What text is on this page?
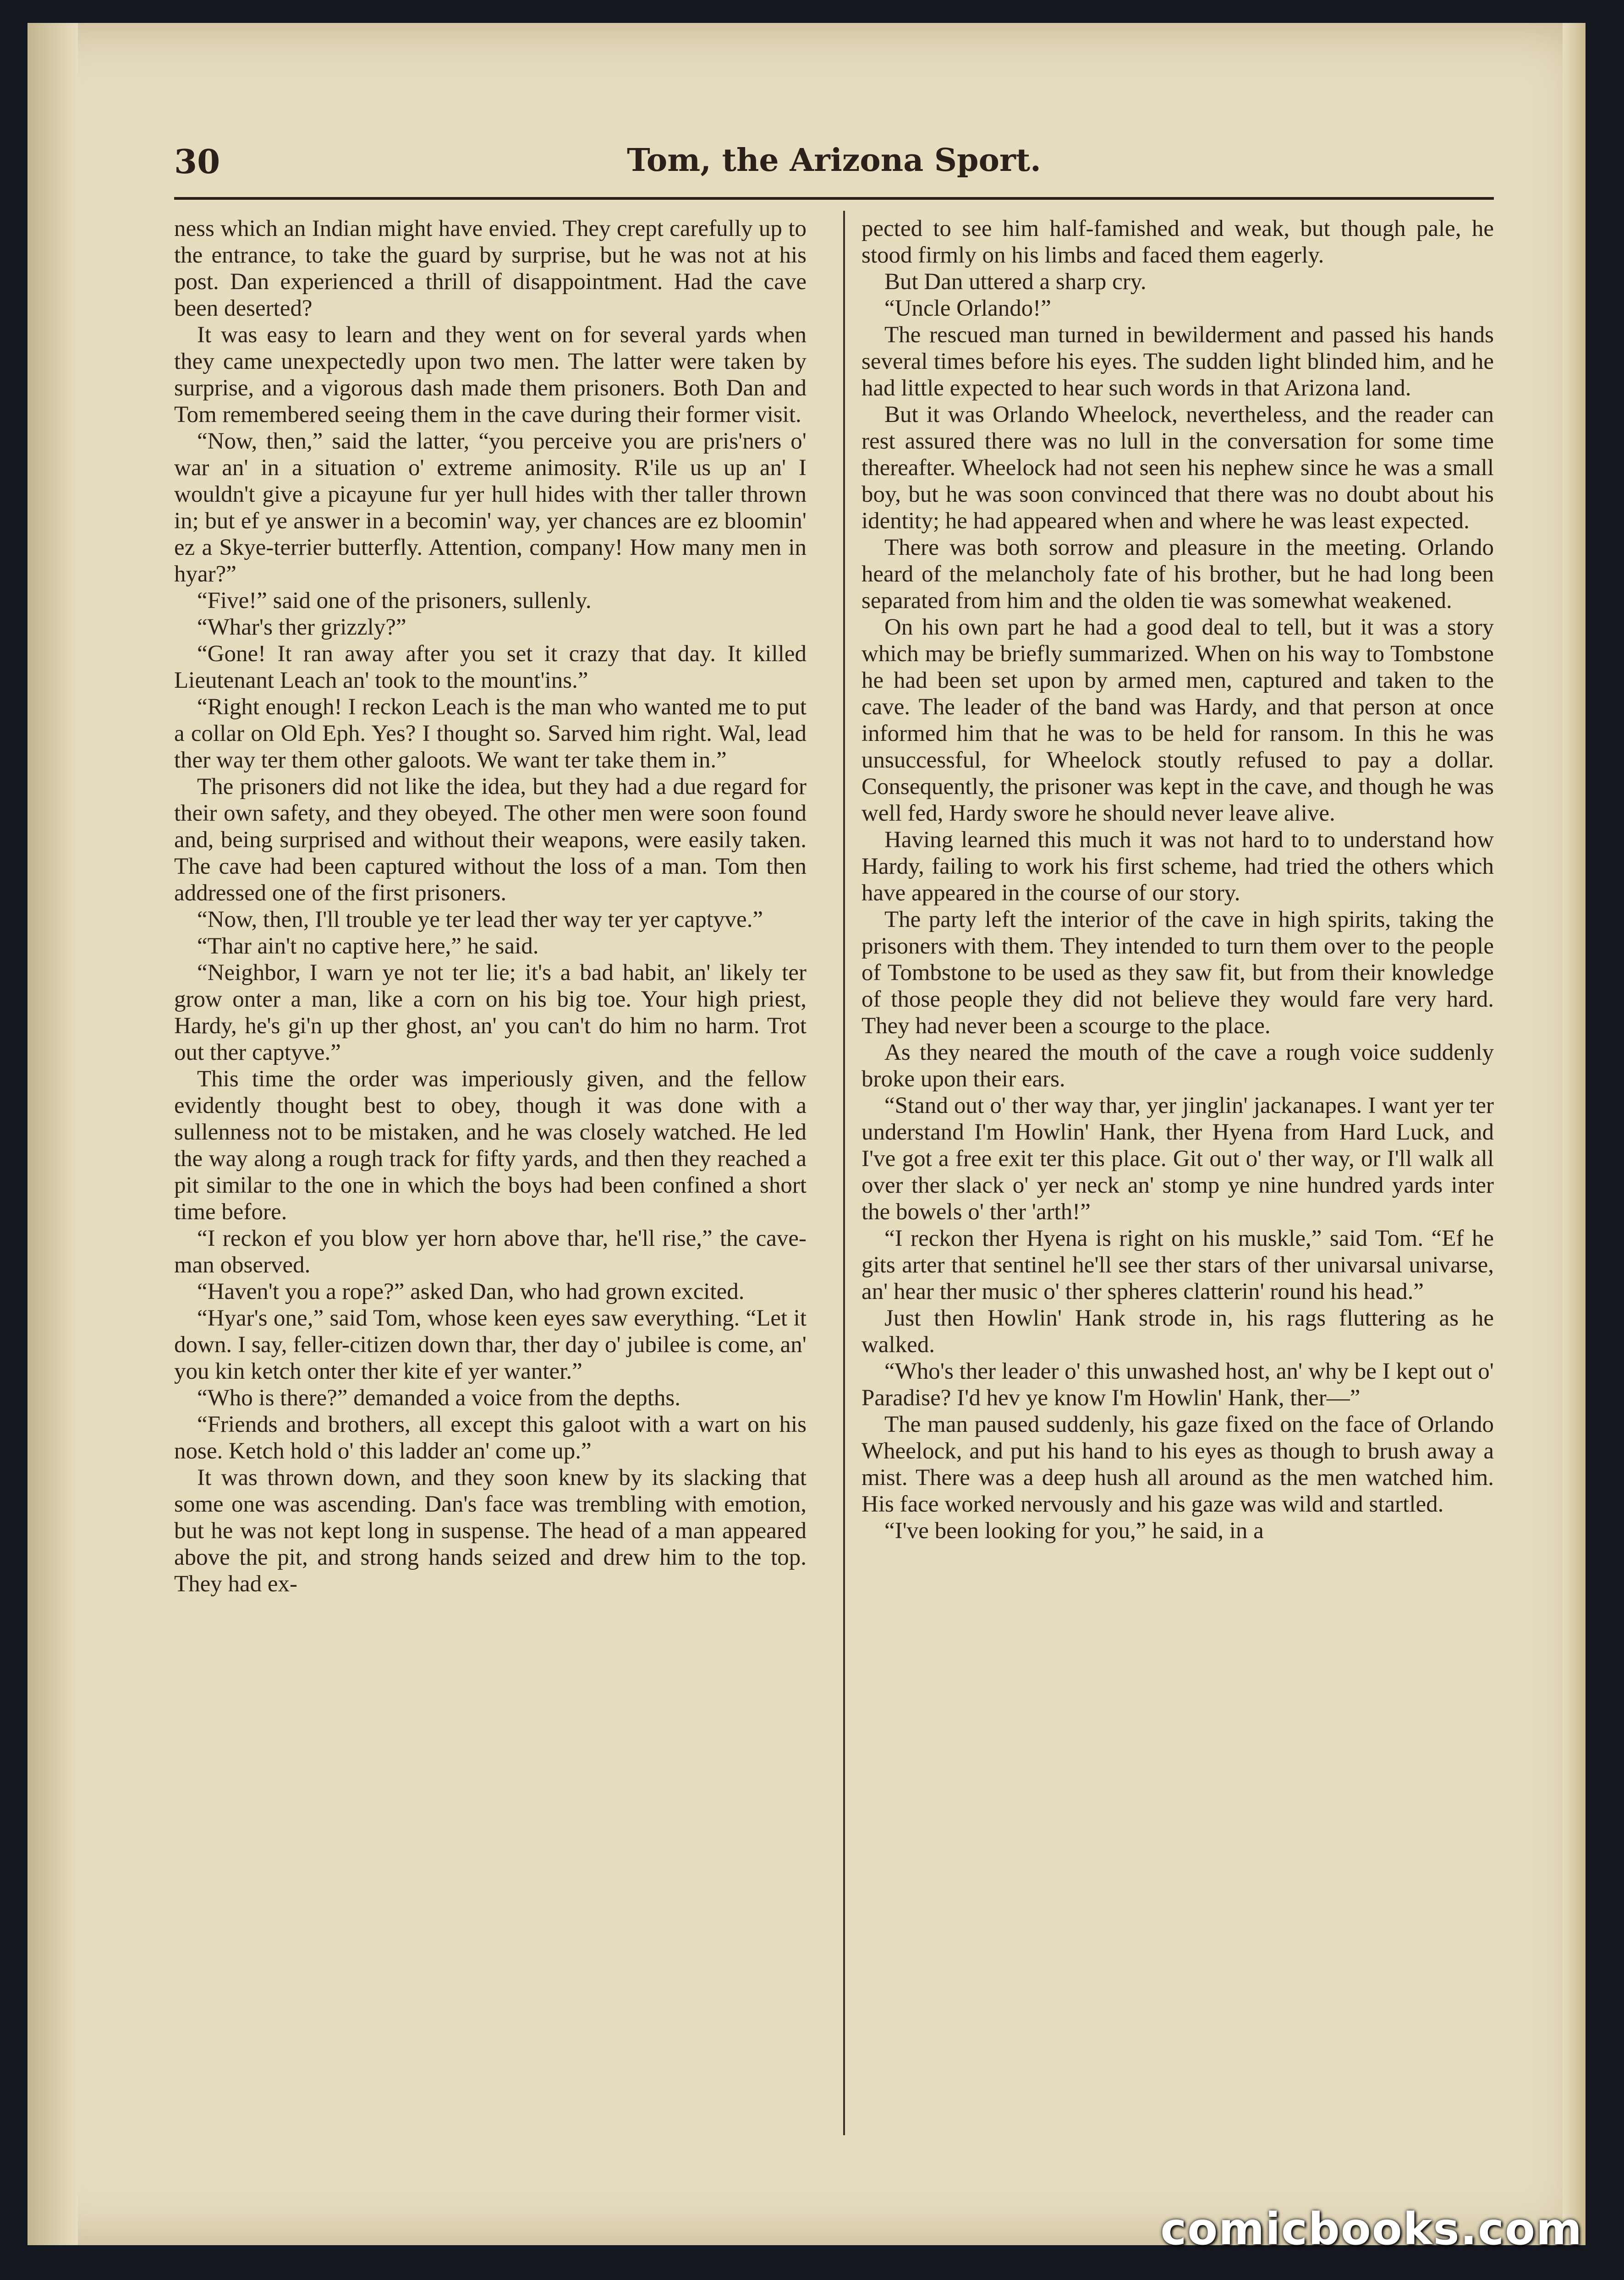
30	Tom, the Arizona Sport.

ness which an Indian might have envied. They crept carefully up to the entrance, to take the guard by surprise, but he was not at his post. Dan experienced a thrill of disappointment. Had the cave been deserted?

It was easy to learn and they went on for several yards when they came unexpectedly upon two men. The latter were taken by surprise, and a vigorous dash made them prisoners. Both Dan and Tom remembered seeing them in the cave during their former visit.

“Now, then,” said the latter, “you perceive you are pris'ners o' war an' in a situation o' extreme animosity. R'ile us up an' I wouldn't give a picayune fur yer hull hides with ther taller thrown in; but ef ye answer in a becomin' way, yer chances are ez bloomin' ez a Skye-terrier butterfly. Attention, company! How many men in hyar?”

“Five!” said one of the prisoners, sullenly.

“Whar's ther grizzly?”

“Gone! It ran away after you set it crazy that day. It killed Lieutenant Leach an' took to the mount'ins.”

“Right enough! I reckon Leach is the man who wanted me to put a collar on Old Eph. Yes? I thought so. Sarved him right. Wal, lead ther way ter them other galoots. We want ter take them in.”

The prisoners did not like the idea, but they had a due regard for their own safety, and they obeyed. The other men were soon found and, being surprised and without their weapons, were easily taken. The cave had been captured without the loss of a man. Tom then addressed one of the first prisoners.

“Now, then, I'll trouble ye ter lead ther way ter yer captyve.”

“Thar ain't no captive here,” he said.

“Neighbor, I warn ye not ter lie; it's a bad habit, an' likely ter grow onter a man, like a corn on his big toe. Your high priest, Hardy, he's gi'n up ther ghost, an' you can't do him no harm. Trot out ther captyve.”

This time the order was imperiously given, and the fellow evidently thought best to obey, though it was done with a sullenness not to be mistaken, and he was closely watched. He led the way along a rough track for fifty yards, and then they reached a pit similar to the one in which the boys had been confined a short time before.

“I reckon ef you blow yer horn above thar, he'll rise,” the cave-man observed.

“Haven't you a rope?” asked Dan, who had grown excited.

“Hyar's one,” said Tom, whose keen eyes saw everything. “Let it down. I say, feller-citizen down thar, ther day o' jubilee is come, an' you kin ketch onter ther kite ef yer wanter.”

“Who is there?” demanded a voice from the depths.

“Friends and brothers, all except this galoot with a wart on his nose. Ketch hold o' this ladder an' come up.”

It was thrown down, and they soon knew by its slacking that some one was ascending. Dan's face was trembling with emotion, but he was not kept long in suspense. The head of a man appeared above the pit, and strong hands seized and drew him to the top. They had ex-

pected to see him half-famished and weak, but though pale, he stood firmly on his limbs and faced them eagerly.

But Dan uttered a sharp cry.

“Uncle Orlando!”

The rescued man turned in bewilderment and passed his hands several times before his eyes. The sudden light blinded him, and he had little expected to hear such words in that Arizona land.

But it was Orlando Wheelock, nevertheless, and the reader can rest assured there was no lull in the conversation for some time thereafter. Wheelock had not seen his nephew since he was a small boy, but he was soon convinced that there was no doubt about his identity; he had appeared when and where he was least expected.

There was both sorrow and pleasure in the meeting. Orlando heard of the melancholy fate of his brother, but he had long been separated from him and the olden tie was somewhat weakened.

On his own part he had a good deal to tell, but it was a story which may be briefly summarized. When on his way to Tombstone he had been set upon by armed men, captured and taken to the cave. The leader of the band was Hardy, and that person at once informed him that he was to be held for ransom. In this he was unsuccessful, for Wheelock stoutly refused to pay a dollar. Consequently, the prisoner was kept in the cave, and though he was well fed, Hardy swore he should never leave alive.

Having learned this much it was not hard to to understand how Hardy, failing to work his first scheme, had tried the others which have appeared in the course of our story.

The party left the interior of the cave in high spirits, taking the prisoners with them. They intended to turn them over to the people of Tombstone to be used as they saw fit, but from their knowledge of those people they did not believe they would fare very hard. They had never been a scourge to the place.

As they neared the mouth of the cave a rough voice suddenly broke upon their ears.

“Stand out o' ther way thar, yer jinglin' jackanapes. I want yer ter understand I'm Howlin' Hank, ther Hyena from Hard Luck, and I've got a free exit ter this place. Git out o' ther way, or I'll walk all over ther slack o' yer neck an' stomp ye nine hundred yards inter the bowels o' ther 'arth!”

“I reckon ther Hyena is right on his muskle,” said Tom. “Ef he gits arter that sentinel he'll see ther stars of ther univarsal univarse, an' hear ther music o' ther spheres clatterin' round his head.”

Just then Howlin' Hank strode in, his rags fluttering as he walked.

“Who's ther leader o' this unwashed host, an' why be I kept out o' Paradise? I'd hev ye know I'm Howlin' Hank, ther—”

The man paused suddenly, his gaze fixed on the face of Orlando Wheelock, and put his hand to his eyes as though to brush away a mist. There was a deep hush all around as the men watched him. His face worked nervously and his gaze was wild and startled.

“I've been looking for you,” he said, in a

comicbooks.com
